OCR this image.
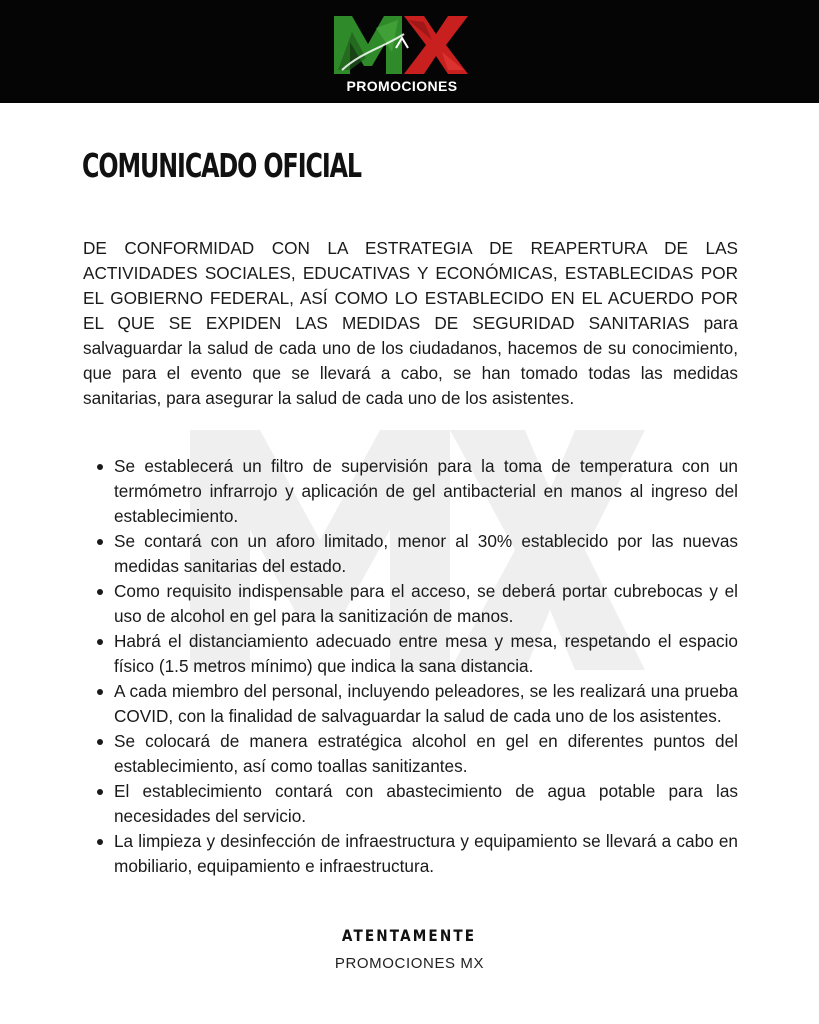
PROMOCIONES
COMUNICADO OFICIAL

DE CONFORMIDAD CON LA ESTRATEGIA DE REAPERTURA DE LAS ACTIVIDADES SOCIALES, EDUCATIVAS Y ECONÓMICAS, ESTABLECIDAS POR EL GOBIERNO FEDERAL, ASÍ COMO LO ESTABLECIDO EN EL ACUERDO POR EL QUE SE EXPIDEN LAS MEDIDAS DE SEGURIDAD SANITARIAS para salvaguardar la salud de cada uno de los ciudadanos, hacemos de su conocimiento, que para el evento que se llevará a cabo, se han tomado todas las medidas sanitarias, para asegurar la salud de cada uno de los asistentes.

Se establecerá un filtro de supervisión para la toma de temperatura con un termómetro infrarrojo y aplicación de gel antibacterial en manos al ingreso del establecimiento.
Se contará con un aforo limitado, menor al 30% establecido por las nuevas medidas sanitarias del estado.
Como requisito indispensable para el acceso, se deberá portar cubrebocas y el uso de alcohol en gel para la sanitización de manos.
Habrá el distanciamiento adecuado entre mesa y mesa, respetando el espacio físico (1.5 metros mínimo) que indica la sana distancia.
A cada miembro del personal, incluyendo peleadores, se les realizará una prueba COVID, con la finalidad de salvaguardar la salud de cada uno de los asistentes.
Se colocará de manera estratégica alcohol en gel en diferentes puntos del establecimiento, así como toallas sanitizantes.
El establecimiento contará con abastecimiento de agua potable para las necesidades del servicio.
La limpieza y desinfección de infraestructura y equipamiento se llevará a cabo en mobiliario, equipamiento e infraestructura.
ATENTAMENTE
PROMOCIONES MX
